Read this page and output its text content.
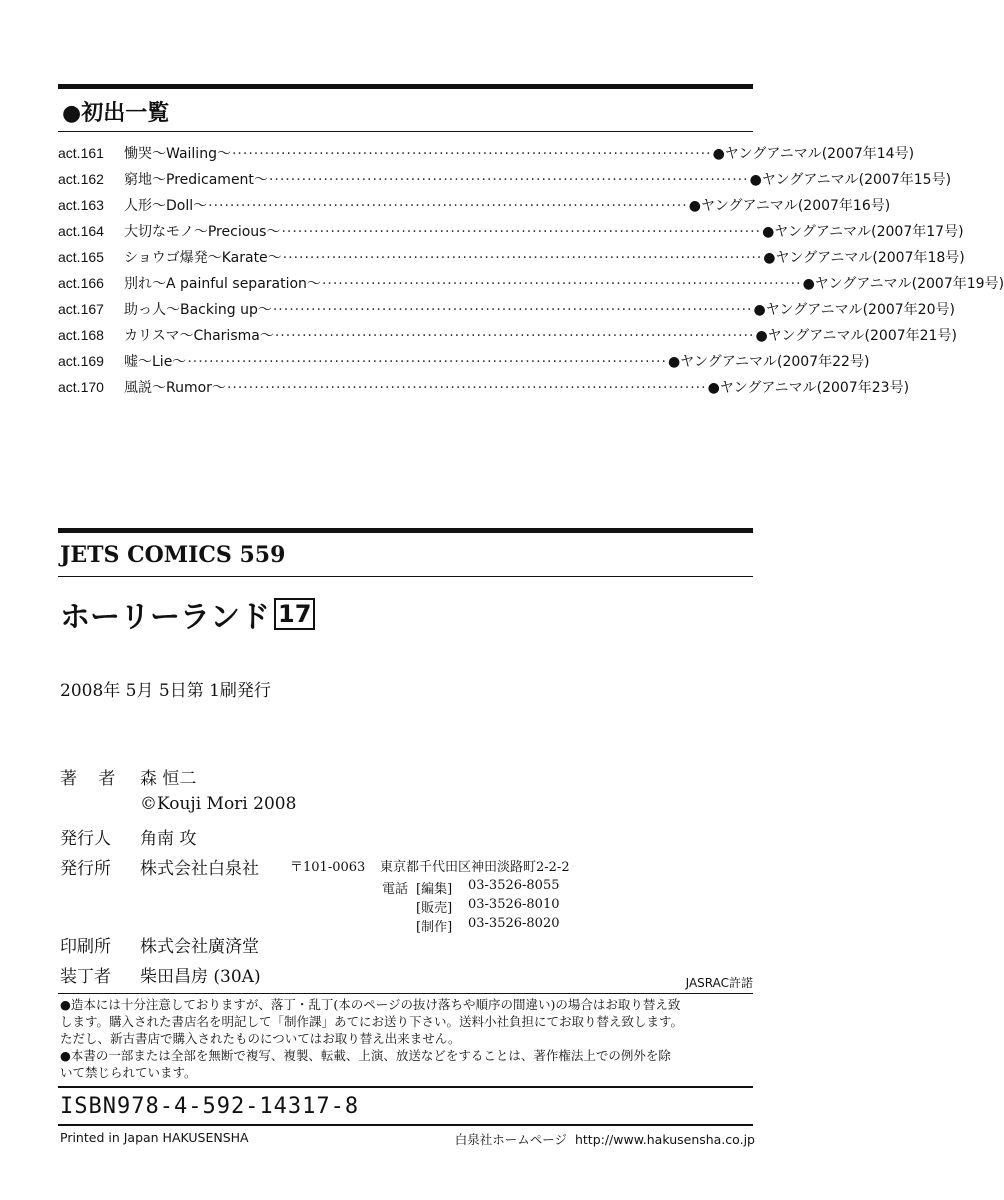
●初出一覧
act.161	慟哭〜Wailing〜 ························································································ ●ヤングアニマル(2007年14号)
act.162	窮地〜Predicament〜 ························································································ ●ヤングアニマル(2007年15号)
act.163	人形〜Doll〜 ························································································ ●ヤングアニマル(2007年16号)
act.164	大切なモノ〜Precious〜 ························································································ ●ヤングアニマル(2007年17号)
act.165	ショウゴ爆発〜Karate〜 ························································································ ●ヤングアニマル(2007年18号)
act.166	別れ〜A painful separation〜 ························································································ ●ヤングアニマル(2007年19号)
act.167	助っ人〜Backing up〜 ························································································ ●ヤングアニマル(2007年20号)
act.168	カリスマ〜Charisma〜 ························································································ ●ヤングアニマル(2007年21号)
act.169	嘘〜Lie〜 ························································································ ●ヤングアニマル(2007年22号)
act.170	風説〜Rumor〜 ························································································ ●ヤングアニマル(2007年23号)
JETS COMICS 559
ホーリーランド 17
2008年 5月 5日第 1刷発行
著 者 森 恒二
©Kouji Mori 2008
発行人 角南 攻
発行所 株式会社白泉社 〒101-0063 東京都千代田区神田淡路町2-2-2
電話 [編集] 03-3526-8055
[販売] 03-3526-8010
[制作] 03-3526-8020
印刷所 株式会社廣済堂
装丁者 柴田昌房 (30A)	JASRAC許諾

●造本には十分注意しておりますが、落丁・乱丁(本のページの抜け落ちや順序の間違い)の場合はお取り替え致

します。購入された書店名を明記して「制作課」あてにお送り下さい。送料小社負担にてお取り替え致します。

ただし、新古書店で購入されたものについてはお取り替え出来ません。

●本書の一部または全部を無断で複写、複製、転載、上演、放送などをすることは、著作権法上での例外を除

いて禁じられています。

ISBN978-4-592-14317-8
Printed in Japan HAKUSENSHA	白泉社ホームページ http://www.hakusensha.co.jp
